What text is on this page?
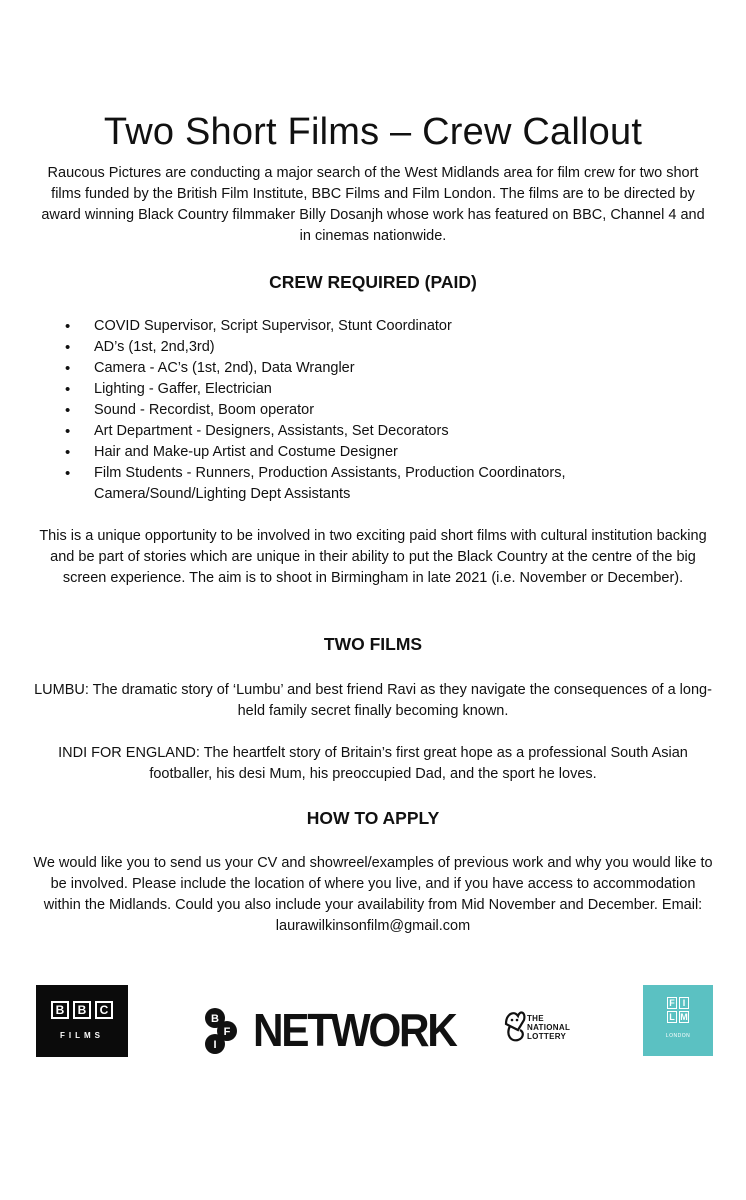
Two Short Films – Crew Callout

Raucous Pictures are conducting a major search of the West Midlands area for film crew for two short films funded by the British Film Institute, BBC Films and Film London. The films are to be directed by award winning Black Country filmmaker Billy Dosanjh whose work has featured on BBC, Channel 4 and in cinemas nationwide.

CREW REQUIRED (PAID)
• COVID Supervisor, Script Supervisor, Stunt Coordinator
• AD’s (1st, 2nd,3rd)
• Camera - AC’s (1st, 2nd), Data Wrangler
• Lighting - Gaffer, Electrician
• Sound - Recordist, Boom operator
• Art Department - Designers, Assistants, Set Decorators
• Hair and Make-up Artist and Costume Designer
• Film Students - Runners, Production Assistants, Production Coordinators, Camera/Sound/Lighting Dept Assistants

This is a unique opportunity to be involved in two exciting paid short films with cultural institution backing and be part of stories which are unique in their ability to put the Black Country at the centre of the big screen experience. The aim is to shoot in Birmingham in late 2021 (i.e. November or December).

TWO FILMS

LUMBU: The dramatic story of ‘Lumbu’ and best friend Ravi as they navigate the consequences of a long-held family secret finally becoming known.

INDI FOR ENGLAND: The heartfelt story of Britain’s first great hope as a professional South Asian footballer, his desi Mum, his preoccupied Dad, and the sport he loves.

HOW TO APPLY

We would like you to send us your CV and showreel/examples of previous work and why you would like to be involved. Please include the location of where you live, and if you have access to accommodation within the Midlands. Could you also include your availability from Mid November and December. Email: laurawilkinsonfilm@gmail.com

B	B	C
FILMS
B
F
I NETWORK	THE
NATIONAL
LOTTERY
F I
L M
LONDON
